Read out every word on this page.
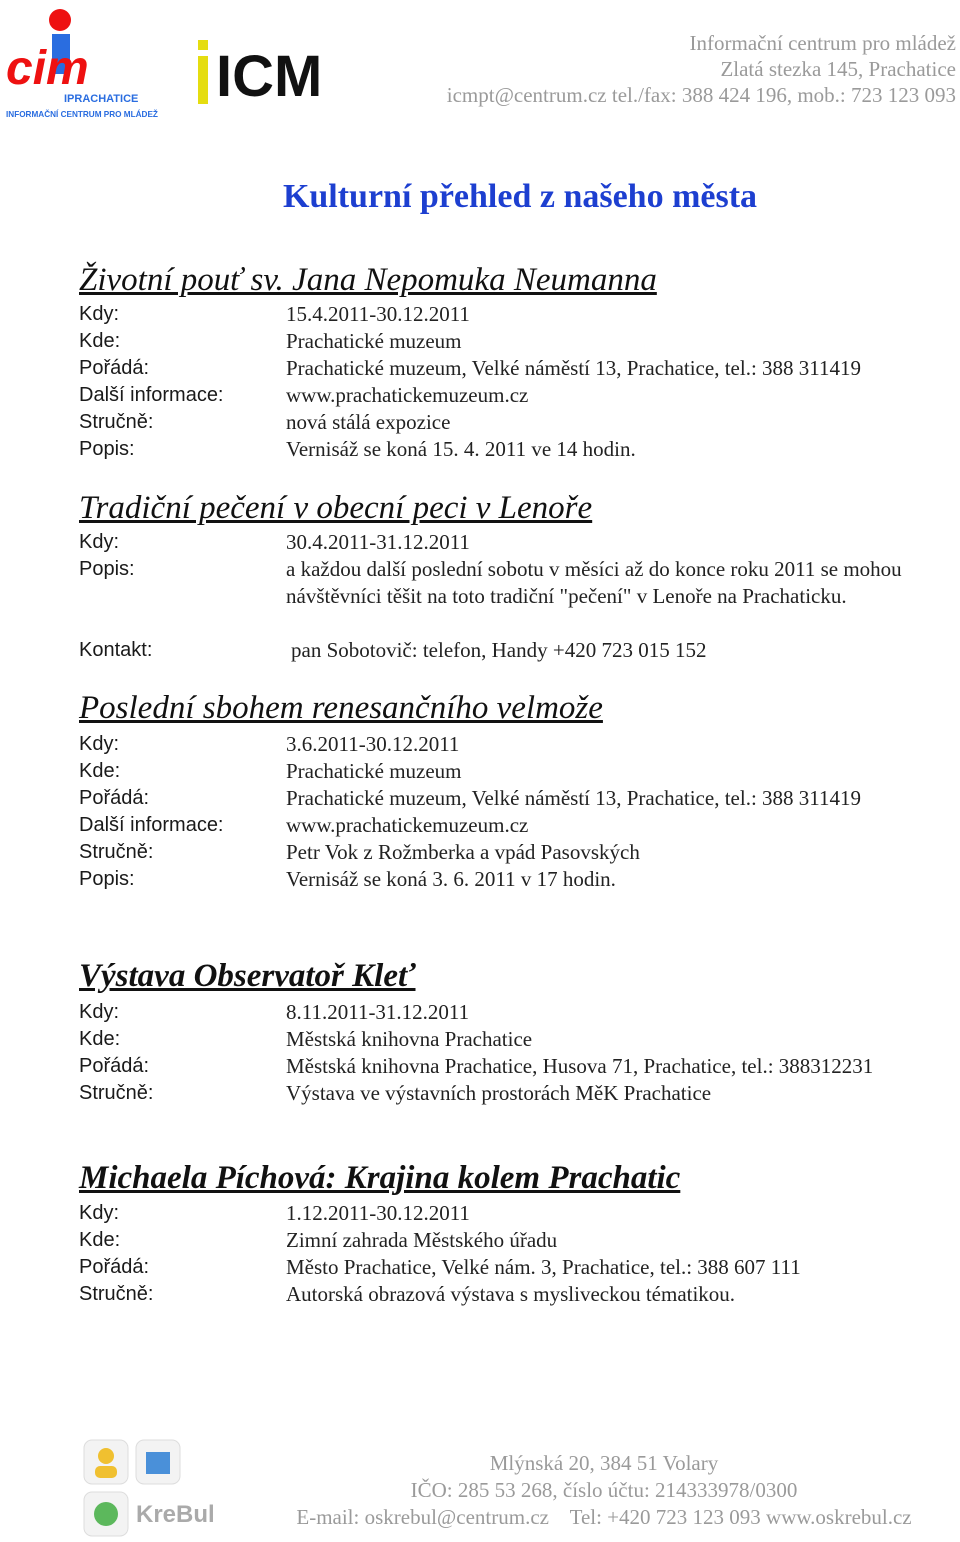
cim
IPRACHATICE
INFORMAČNÍ CENTRUM PRO MLÁDEŽ
ICM
Informační centrum pro mládež
Zlatá stezka 145, Prachatice
icmpt@centrum.cz tel./fax: 388 424 196, mob.: 723 123 093
Kulturní přehled z našeho města
Životní pouť sv. Jana Nepomuka Neumanna
Kdy:	15.4.2011-30.12.2011
Kde:	Prachatické muzeum
Pořádá:	Prachatické muzeum, Velké náměstí 13, Prachatice, tel.: 388 311419
Další informace:	www.prachatickemuzeum.cz
Stručně:	nová stálá expozice
Popis:	Vernisáž se koná 15. 4. 2011 ve 14 hodin.
Tradiční pečení v obecní peci v Lenoře
Kdy:	30.4.2011-31.12.2011
Popis:	a každou další poslední sobotu v měsíci až do konce roku 2011 se mohou návštěvníci těšit na toto tradiční "pečení" v Lenoře na Prachaticku.
Kontakt:	pan Sobotovič: telefon, Handy +420 723 015 152
Poslední sbohem renesančního velmože
Kdy:	3.6.2011-30.12.2011
Kde:	Prachatické muzeum
Pořádá:	Prachatické muzeum, Velké náměstí 13, Prachatice, tel.: 388 311419
Další informace:	www.prachatickemuzeum.cz
Stručně:	Petr Vok z Rožmberka a vpád Pasovských
Popis:	Vernisáž se koná 3. 6. 2011 v 17 hodin.
Výstava Observatoř Kleť
Kdy:	8.11.2011-31.12.2011
Kde:	Městská knihovna Prachatice
Pořádá:	Městská knihovna Prachatice, Husova 71, Prachatice, tel.: 388312231
Stručně:	Výstava ve výstavních prostorách MěK Prachatice
Michaela Píchová: Krajina kolem Prachatic
Kdy:	1.12.2011-30.12.2011
Kde:	Zimní zahrada Městského úřadu
Pořádá:	Město Prachatice, Velké nám. 3, Prachatice, tel.: 388 607 111
Stručně:	Autorská obrazová výstava s mysliveckou tématikou.
KreBul
Mlýnská 20, 384 51 Volary
IČO: 285 53 268, číslo účtu: 214333978/0300
E-mail: oskrebul@centrum.cz    Tel: +420 723 123 093 www.oskrebul.cz
